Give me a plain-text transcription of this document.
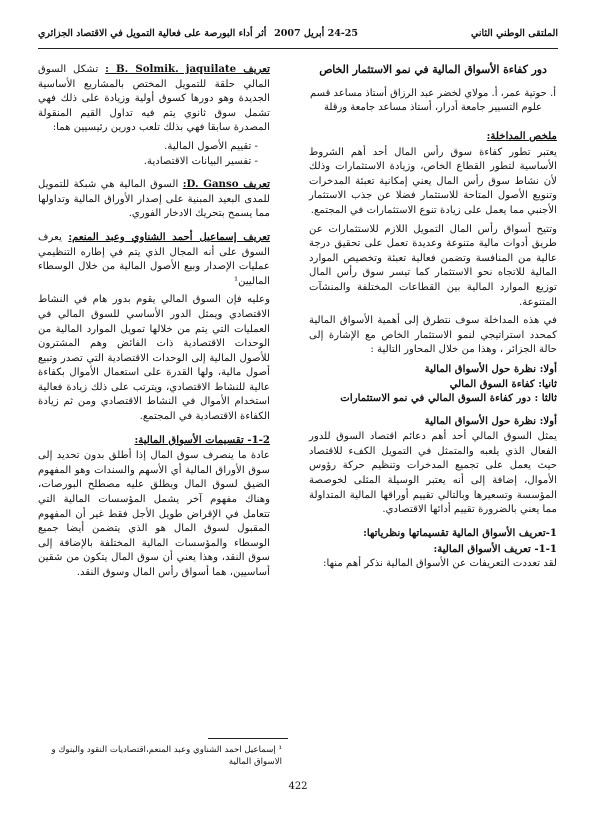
الملتقى الوطني الثاني
24-25 أبريل 2007
أثر أداء البورصة على فعالية التمويل في الاقتصاد الجزائري
دور كفاءة الأسواق المالية في نمو الاستثمار الخاص
أ. حوتية عمر، أ. مولاي لخضر عبد الرزاق أستاذ مساعد قسم علوم التسيير جامعة أدرار، أستاذ مساعد جامعة ورقلة
ملخص المداخلة:

يعتبر تطور كفاءة سوق رأس المال أحد أهم الشروط الأساسية لتطور القطاع الخاص، وزيادة الاستثمارات وذلك لأن نشاط سوق رأس المال يعني إمكانية تعبئة المدخرات وتنويع الأصول المتاحة للاستثمار فضلا عن جذب الاستثمار الأجنبي مما يعمل على زيادة تنوع الاستثمارات في المجتمع.

وتتيح أسواق رأس المال التمويل اللازم للاستثمارات عن طريق أدوات مالية متنوعة وعديدة تعمل على تحقيق درجة عالية من المنافسة وتضمن فعالية تعبئة وتخصيص الموارد المالية للاتجاه نحو الاستثمار كما تيسر سوق رأس المال توزيع الموارد المالية بين القطاعات المختلفة والمنشآت المتنوعة.

في هذه المداخلة سوف نتطرق إلى أهمية الأسواق المالية كمحدد استراتيجي لنمو الاستثمار الخاص مع الإشارة إلى حالة الجزائر ، وهذا من خلال المحاور التالية :

أولا: نظرة حول الأسواق المالية
ثانيا: كفاءة السوق المالي
ثالثا : دور كفاءة السوق المالي في نمو الاستثمارات
أولا: نظرة حول الأسواق المالية

يمثل السوق المالي أحد أهم دعائم اقتصاد السوق للدور الفعال الذي يلعبه والمتمثل في التمويل الكفء للاقتصاد حيث يعمل على تجميع المدخرات وتنظيم حركة رؤوس الأموال، إضافة إلى أنه يعتبر الوسيلة المثلى لخوصصة المؤسسة وتسعيرها وبالتالي تقييم أوراقها المالية المتداولة مما يعني بالضرورة تقييم أدائها الاقتصادي.

1-تعريف الأسواق المالية تقسيماتها ونظرياتها:
1-1- تعريف الأسواق المالية:

لقد تعددت التعريفات عن الأسواق المالية نذكر أهم منها:

تعريف B. Solmik. jaquilate : تشكل السوق المالي حلقة للتمويل المختص بالمشاريع الأساسية الجديدة وهو دورها كسوق أولية وزيادة على ذلك فهي تشمل سوق ثانوي يتم فيه تداول القيم المنقولة المصدرة سابقا فهي بذلك تلعب دورين رئيسيين هما:

- تقييم الأصول المالية.
- تفسير البيانات الاقتصادية.

تعريف D. Ganso: السوق المالية هي شبكة للتمويل للمدى البعيد المبنية على إصدار الأوراق المالية وتداولها مما يسمح بتحريك الادخار الفوري.

تعريف إسماعيل أحمد الشناوي وعبد المنعم: يعرف السوق على أنه المجال الذي يتم في إطاره التنظيمي عمليات الإصدار وبيع الأصول المالية من خلال الوسطاء الماليين¹

وعليه فإن السوق المالي يقوم بدور هام في النشاط الاقتصادي ويمثل الدور الأساسي للسوق المالي في العمليات التي يتم من خلالها تمويل الموارد المالية من الوحدات الاقتصادية ذات الفائض وهم المشترون للأصول المالية إلى الوحدات الاقتصادية التي تصدر وتبيع أصول مالية، ولها القدرة على استعمال الأموال بكفاءة عالية للنشاط الاقتصادي، ويترتب على ذلك زيادة فعالية استخدام الأموال في النشاط الاقتصادي ومن ثم زيادة الكفاءة الاقتصادية في المجتمع.

1-2- تقسيمات الأسواق المالية:

عادة ما ينصرف سوق المال إذا أطلق بدون تحديد إلى سوق الأوراق المالية أي الأسهم والسندات وهو المفهوم الضيق لسوق المال ويطلق عليه مصطلح البورصات، وهناك مفهوم آخر يشمل المؤسسات المالية التي تتعامل في الإقراض طويل الأجل فقط غير أن المفهوم المقبول لسوق المال هو الذي يتضمن أيضا جميع الوسطاء والمؤسسات المالية المختلفة بالإضافة إلى سوق النقد، وهذا يعني أن سوق المال يتكون من شقين أساسيين، هما أسواق رأس المال وسوق النقد.

¹ إسماعيل احمد الشناوي وعبد المنعم،اقتصاديات النقود والبنوك و الاسواق المالية
422
